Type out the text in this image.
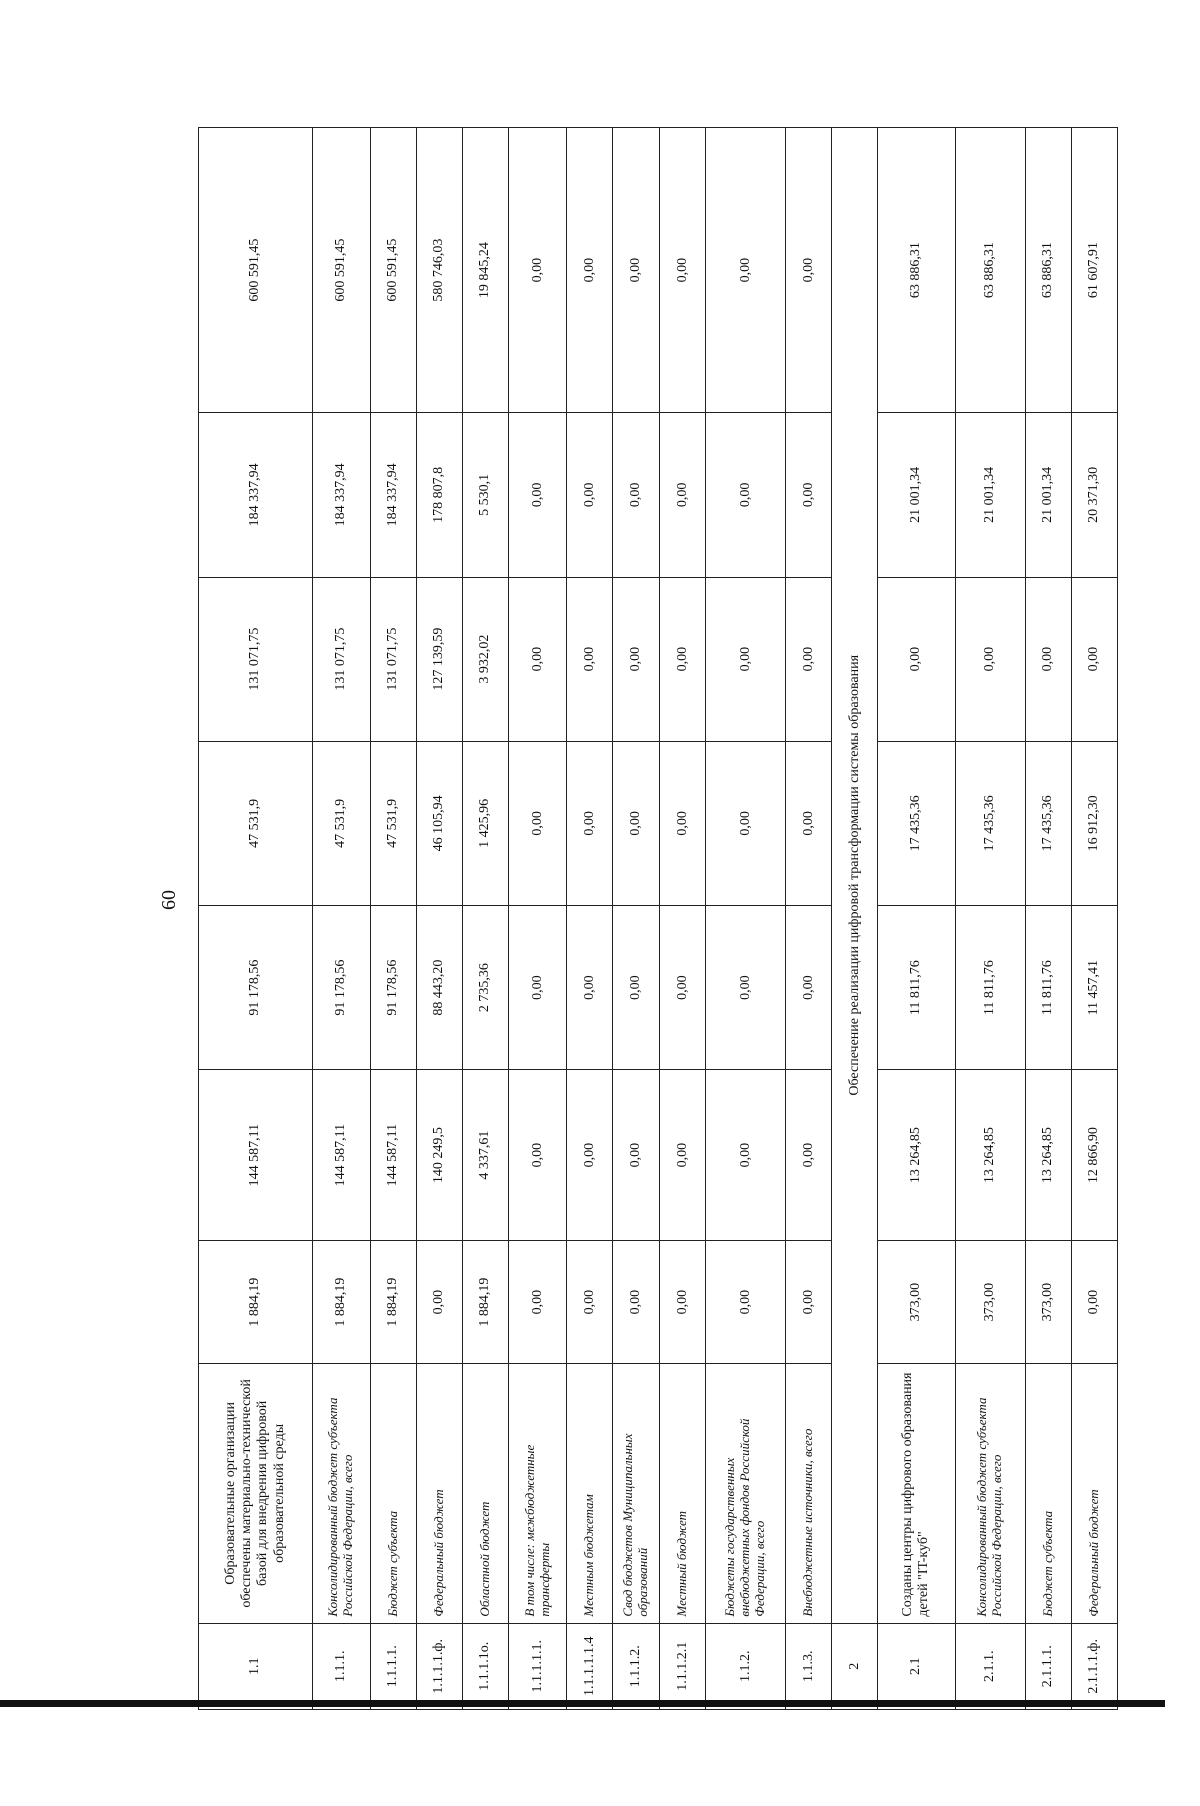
60
1.1	Образовательные организации обеспечены материально-технической базой для внедрения цифровой образовательной среды	1 884,19	144 587,11	91 178,56	47 531,9	131 071,75	184 337,94	600 591,45
1.1.1.	Консолидированный бюджет субъекта Российской Федерации, всего	1 884,19	144 587,11	91 178,56	47 531,9	131 071,75	184 337,94	600 591,45
1.1.1.1.	Бюджет субъекта	1 884,19	144 587,11	91 178,56	47 531,9	131 071,75	184 337,94	600 591,45
1.1.1.1.ф.	Федеральный бюджет	0,00	140 249,5	88 443,20	46 105,94	127 139,59	178 807,8	580 746,03
1.1.1.1о.	Областной бюджет	1 884,19	4 337,61	2 735,36	1 425,96	3 932,02	5 530,1	19 845,24
1.1.1.1.1.	В том числе: межбюджетные трансферты	0,00	0,00	0,00	0,00	0,00	0,00	0,00
1.1.1.1.1.4	Местным бюджетам	0,00	0,00	0,00	0,00	0,00	0,00	0,00
1.1.1.2.	Свод бюджетов Муниципальных образований	0,00	0,00	0,00	0,00	0,00	0,00	0,00
1.1.1.2.1	Местный бюджет	0,00	0,00	0,00	0,00	0,00	0,00	0,00
1.1.2.	Бюджеты государственных внебюджетных фондов Российской Федерации, всего	0,00	0,00	0,00	0,00	0,00	0,00	0,00
1.1.3.	Внебюджетные источники, всего	0,00	0,00	0,00	0,00	0,00	0,00	0,00
2	Обеспечение реализации цифровой трансформации системы образования							
2.1	Созданы центры цифрового образования детей "IT-куб"	373,00	13 264,85	11 811,76	17 435,36	0,00	21 001,34	63 886,31
2.1.1.	Консолидированный бюджет субъекта Российской Федерации, всего	373,00	13 264,85	11 811,76	17 435,36	0,00	21 001,34	63 886,31
2.1.1.1.	Бюджет субъекта	373,00	13 264,85	11 811,76	17 435,36	0,00	21 001,34	63 886,31
2.1.1.1.ф.	Федеральный бюджет	0,00	12 866,90	11 457,41	16 912,30	0,00	20 371,30	61 607,91
